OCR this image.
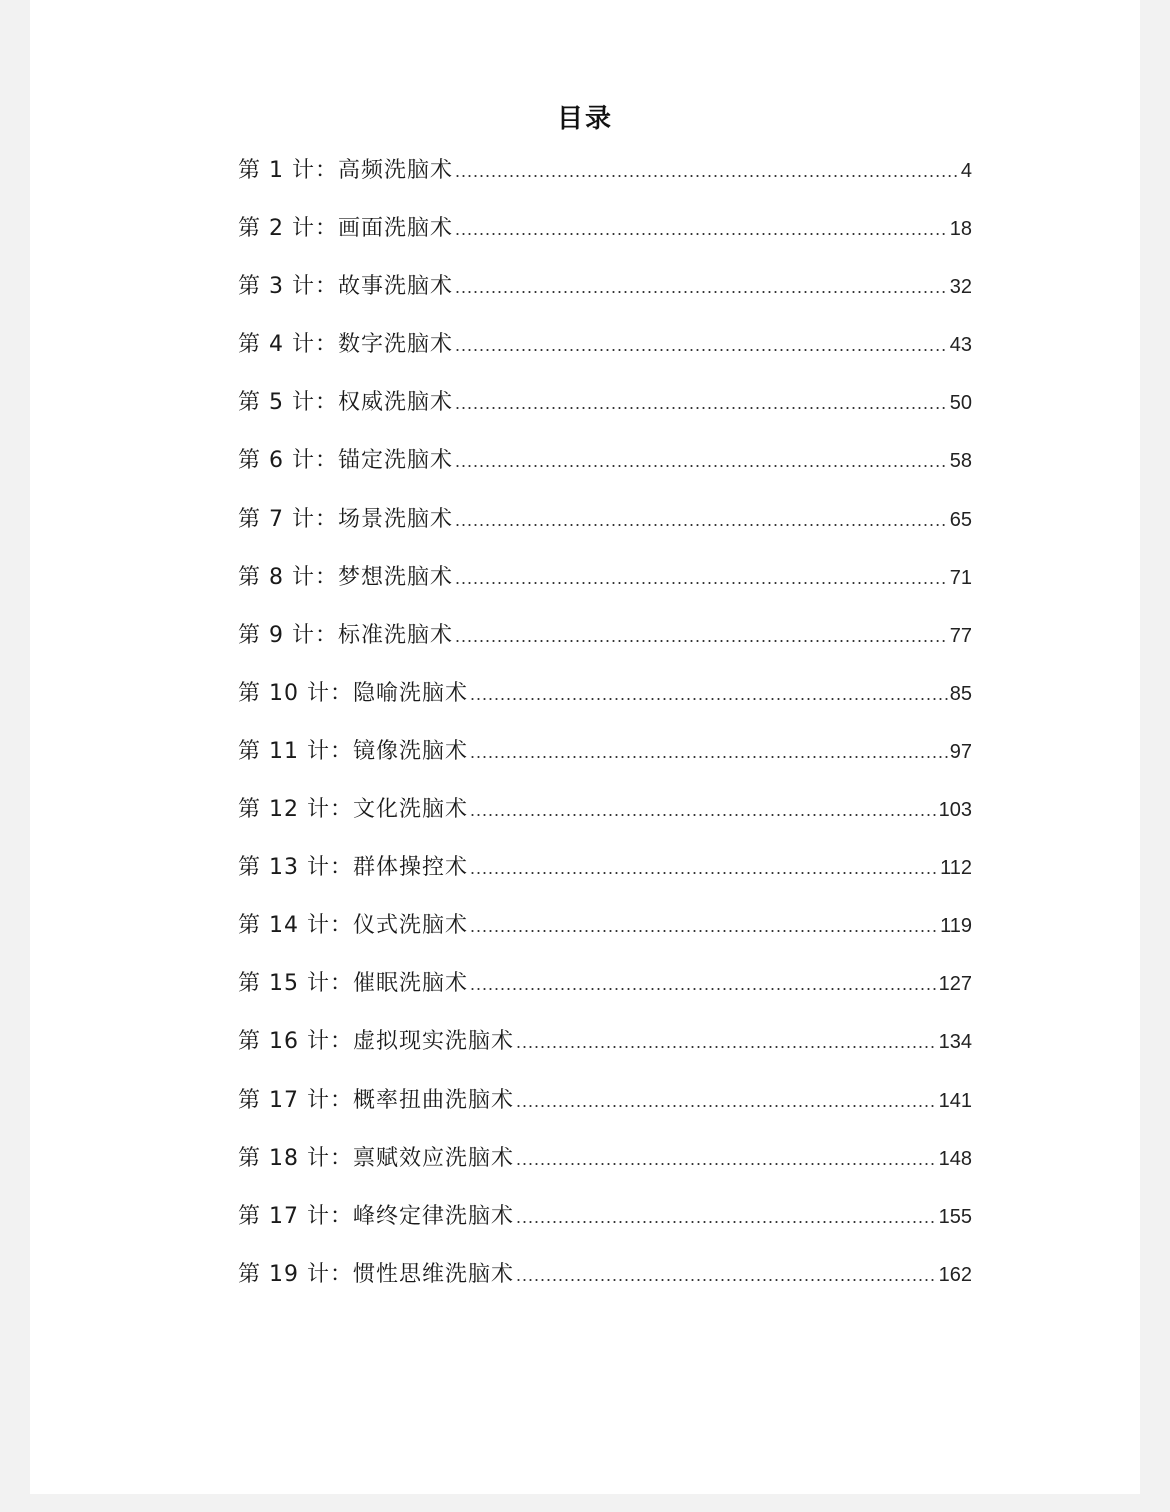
目录
第 1 计：高频洗脑术 .....	4
第 2 计：画面洗脑术 .....	18
第 3 计：故事洗脑术 .....	32
第 4 计：数字洗脑术 .....	43
第 5 计：权威洗脑术 .....	50
第 6 计：锚定洗脑术 .....	58
第 7 计：场景洗脑术 .....	65
第 8 计：梦想洗脑术 .....	71
第 9 计：标准洗脑术 .....	77
第 10 计：隐喻洗脑术 .....	85
第 11 计：镜像洗脑术 .....	97
第 12 计：文化洗脑术 .....	103
第 13 计：群体操控术 .....	112
第 14 计：仪式洗脑术 .....	119
第 15 计：催眠洗脑术 .....	127
第 16 计：虚拟现实洗脑术 .....	134
第 17 计：概率扭曲洗脑术 .....	141
第 18 计：禀赋效应洗脑术 .....	148
第 17 计：峰终定律洗脑术 .....	155
第 19 计：惯性思维洗脑术 .....	162
